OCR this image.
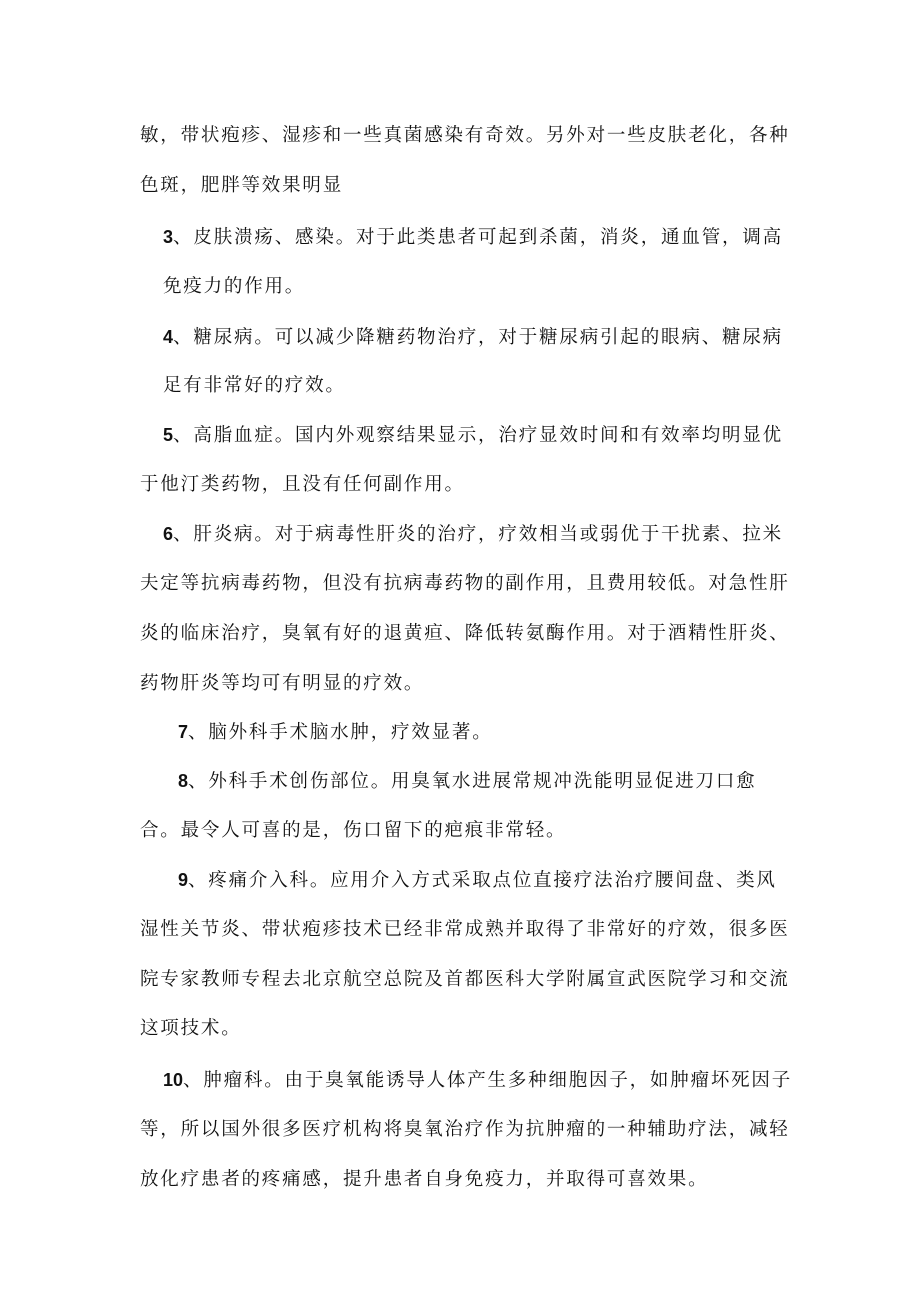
敏，带状疱疹、湿疹和一些真菌感染有奇效。另外对一些皮肤老化，各种
色斑，肥胖等效果明显
3、皮肤溃疡、感染。对于此类患者可起到杀菌，消炎，通血管，调高
免疫力的作用。
4、糖尿病。可以减少降糖药物治疗，对于糖尿病引起的眼病、糖尿病
足有非常好的疗效。
5、高脂血症。国内外观察结果显示，治疗显效时间和有效率均明显优
于他汀类药物，且没有任何副作用。
6、肝炎病。对于病毒性肝炎的治疗，疗效相当或弱优于干扰素、拉米
夫定等抗病毒药物，但没有抗病毒药物的副作用，且费用较低。对急性肝
炎的临床治疗，臭氧有好的退黄疸、降低转氨酶作用。对于酒精性肝炎、
药物肝炎等均可有明显的疗效。
7、脑外科手术脑水肿，疗效显著。
8、外科手术创伤部位。用臭氧水进展常规冲洗能明显促进刀口愈
合。最令人可喜的是，伤口留下的疤痕非常轻。
9、疼痛介入科。应用介入方式采取点位直接疗法治疗腰间盘、类风
湿性关节炎、带状疱疹技术已经非常成熟并取得了非常好的疗效，很多医
院专家教师专程去北京航空总院及首都医科大学附属宣武医院学习和交流
这项技术。
10、肿瘤科。由于臭氧能诱导人体产生多种细胞因子，如肿瘤坏死因子
等，所以国外很多医疗机构将臭氧治疗作为抗肿瘤的一种辅助疗法，减轻
放化疗患者的疼痛感，提升患者自身免疫力，并取得可喜效果。
